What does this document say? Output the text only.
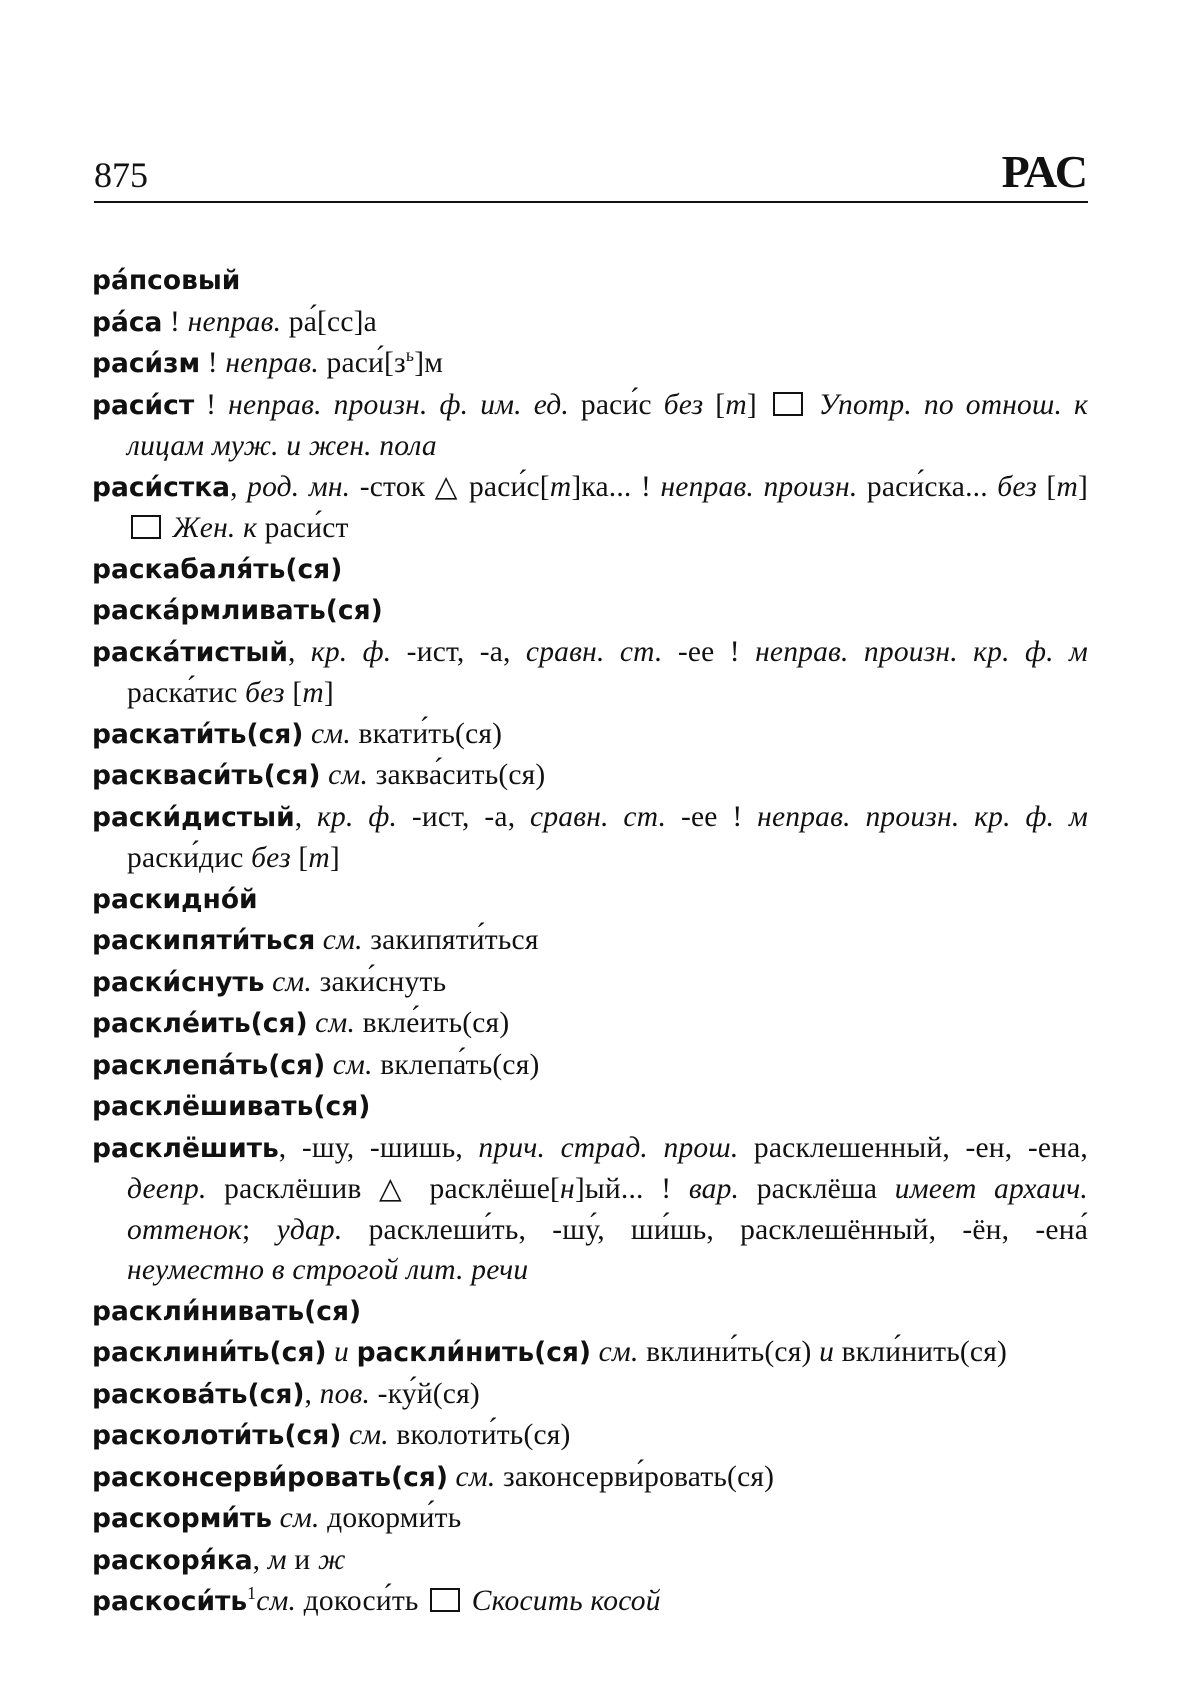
875	РАС
ра́псовый
ра́са ! неправ. ра́[сс]а
раси́зм ! неправ. $раси́[з^ь]м$
раси́ст ! неправ. произн. ф. им. ед. раси́с без [т]  Употр. по отнош. к лицам муж. и жен. пола
раси́стка, род. мн. -сток △ раси́с[т]ка... ! неправ. произн. раси́ска... без [т]  Жен. к раси́ст
раскабаля́ть(ся)
раска́рмливать(ся)
раска́тистый, кр. ф. -ист, -а, сравн. ст. -ее ! неправ. произн. кр. ф. м раска́тис без [т]
раскати́ть(ся) см. вкати́ть(ся)
раскваси́ть(ся) см. заква́сить(ся)
раски́дистый, кр. ф. -ист, -а, сравн. ст. -ее ! неправ. произн. кр. ф. м раски́дис без [т]
раскидно́й
раскипяти́ться см. закипяти́ться
раски́снуть см. заки́снуть
раскле́ить(ся) см. вкле́ить(ся)
расклепа́ть(ся) см. вклепа́ть(ся)
расклёшивать(ся)
расклёшить, -шу, -шишь, прич. страд. прош. расклешенный, -ен, -ена, деепр. расклёшив △ расклёше[н]ый... ! вар. расклёша имеет архаич. оттенок; удар. расклеши́ть, -шу́, ши́шь, расклешённый, -ён, -ена́ неуместно в строгой лит. речи
раскли́нивать(ся)
расклини́ть(ся) и раскли́нить(ся) см. вклини́ть(ся) и вкли́нить(ся)
расковáть(ся), пов. -ку́й(ся)
расколоти́ть(ся) см. вколоти́ть(ся)
расконсерви́ровать(ся) см. законсерви́ровать(ся)
раскорми́ть см. докорми́ть
раскоря́ка, м и ж
$раскоси́ть^1см$. докоси́ть  Скосить косой
